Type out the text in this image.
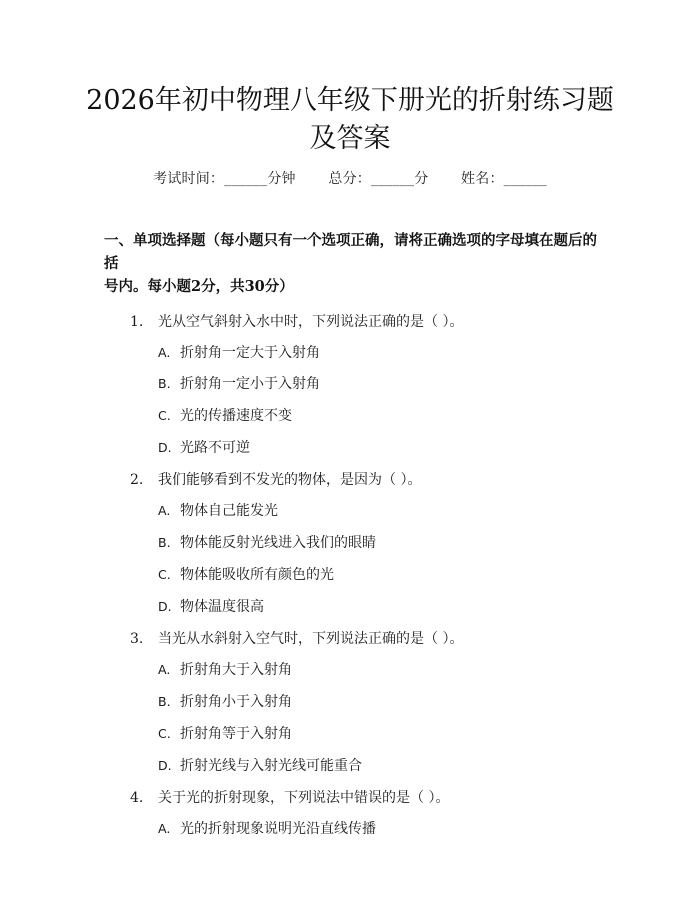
2026年初中物理八年级下册光的折射练习题
及答案
考试时间：______分钟 总分：______分 姓名：______
一、单项选择题（每小题只有一个选项正确，请将正确选项的字母填在题后的括
号内。每小题2分，共30分）
1. 光从空气斜射入水中时，下列说法正确的是（ ）。
A. 折射角一定大于入射角
B. 折射角一定小于入射角
C. 光的传播速度不变
D. 光路不可逆
2. 我们能够看到不发光的物体，是因为（ ）。
A. 物体自己能发光
B. 物体能反射光线进入我们的眼睛
C. 物体能吸收所有颜色的光
D. 物体温度很高
3. 当光从水斜射入空气时，下列说法正确的是（ ）。
A. 折射角大于入射角
B. 折射角小于入射角
C. 折射角等于入射角
D. 折射光线与入射光线可能重合
4. 关于光的折射现象，下列说法中错误的是（ ）。
A. 光的折射现象说明光沿直线传播
